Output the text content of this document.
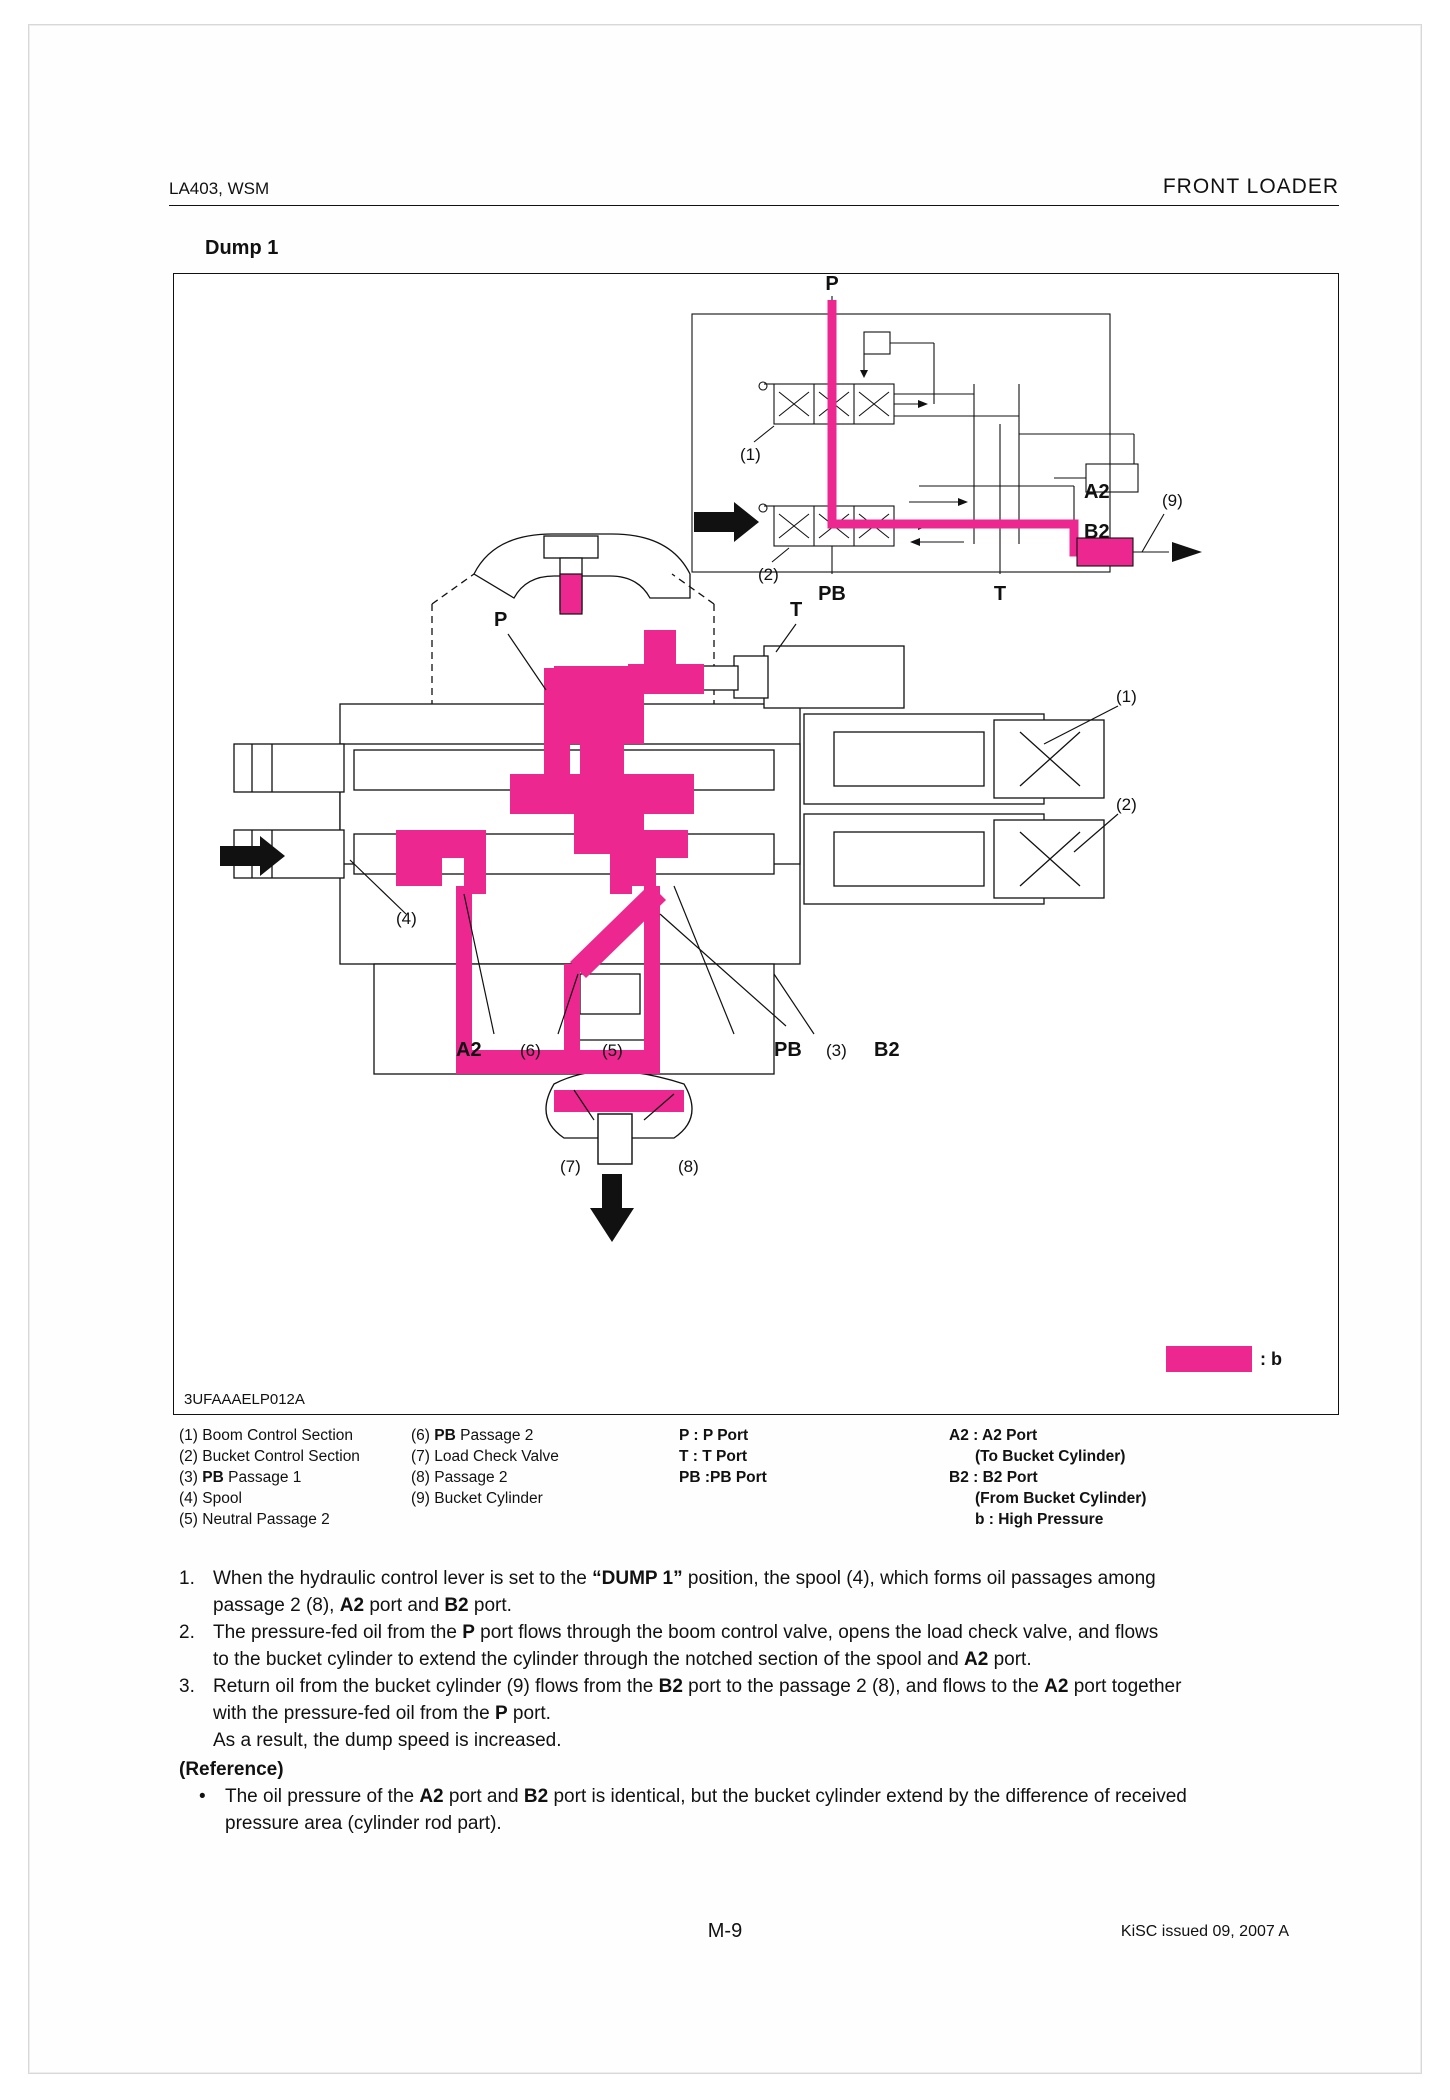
LA403, WSM	FRONT LOADER
Dump 1
P
(1)
(2)
A2
B2
(9)
PB	T
P	T
(1)
(2)
(4)
A2 (6)	(5)	PB (3) B2
(7)	(8)
3UFAAAELP012A
: b
(1) Boom Control Section
(2) Bucket Control Section
(3) PB Passage 1
(4) Spool
(5) Neutral Passage 2
(6) PB Passage 2
(7) Load Check Valve
(8) Passage 2
(9) Bucket Cylinder
P : P Port
T : T Port
PB :PB Port
A2 : A2 Port
(To Bucket Cylinder)
B2 : B2 Port
(From Bucket Cylinder)
b : High Pressure
1. When the hydraulic control lever is set to the “DUMP 1” position, the spool (4), which forms oil passages among
passage 2 (8), A2 port and B2 port.
2. The pressure-fed oil from the P port flows through the boom control valve, opens the load check valve, and flows
to the bucket cylinder to extend the cylinder through the notched section of the spool and A2 port.
3. Return oil from the bucket cylinder (9) flows from the B2 port to the passage 2 (8), and flows to the A2 port together
with the pressure-fed oil from the P port.
As a result, the dump speed is increased.
(Reference)
•	The oil pressure of the A2 port and B2 port is identical, but the bucket cylinder extend by the difference of received
pressure area (cylinder rod part).
M-9	KiSC issued 09, 2007 A
